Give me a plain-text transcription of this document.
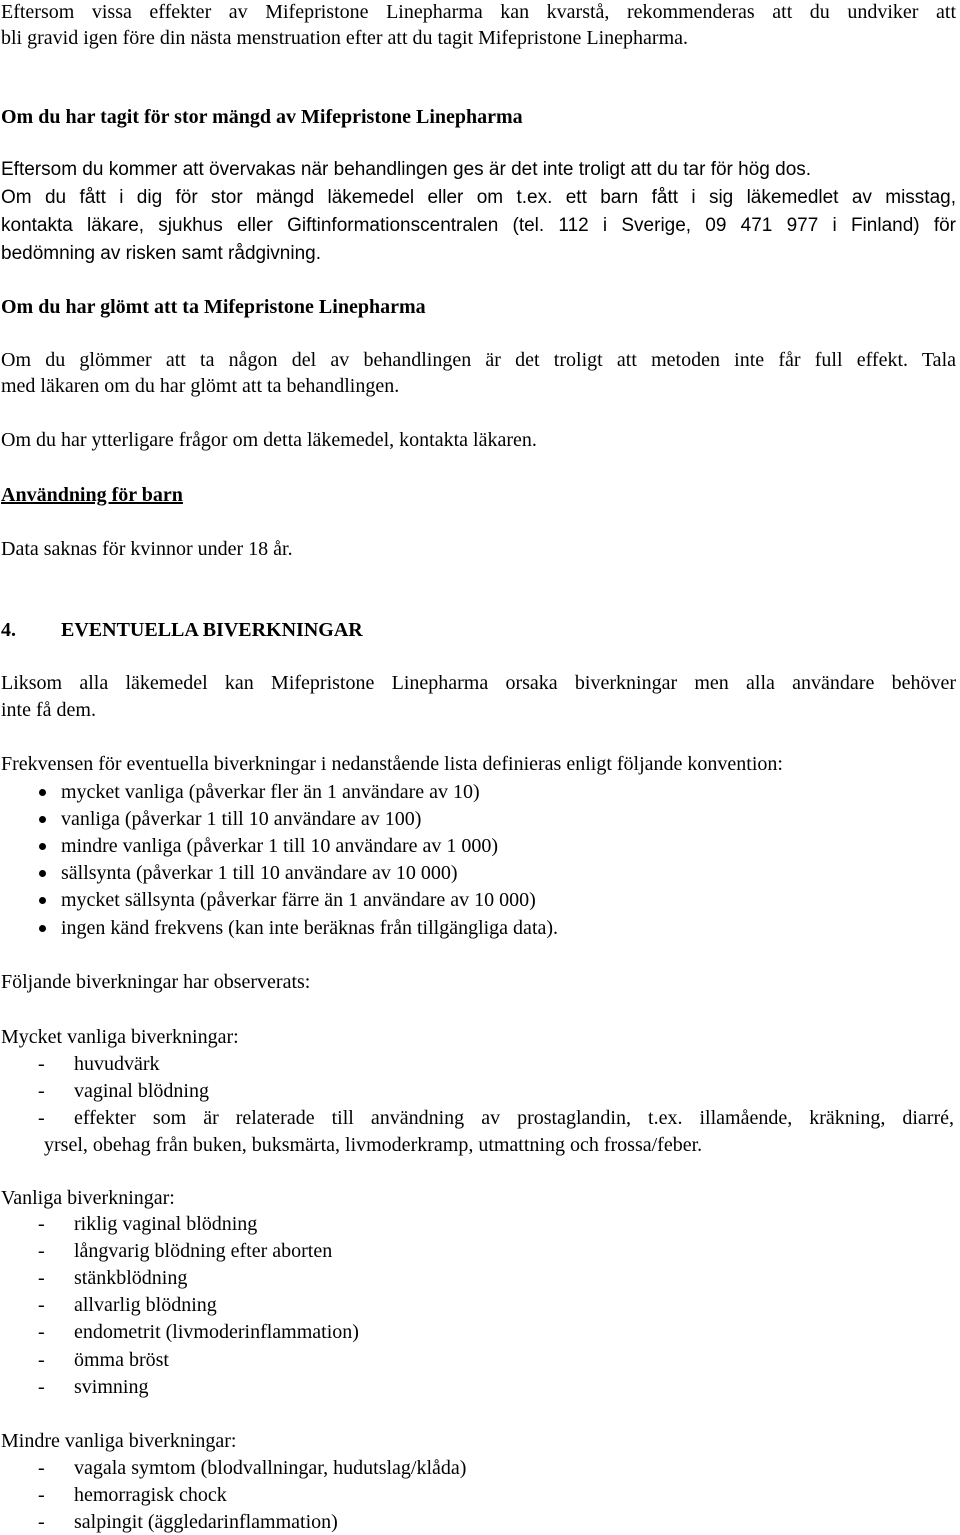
Eftersom vissa effekter av Mifepristone Linepharma kan kvarstå, rekommenderas att du undviker att
bli gravid igen före din nästa menstruation efter att du tagit Mifepristone Linepharma.
Om du har tagit för stor mängd av Mifepristone Linepharma
Eftersom du kommer att övervakas när behandlingen ges är det inte troligt att du tar för hög dos.
Om du fått i dig för stor mängd läkemedel eller om t.ex. ett barn fått i sig läkemedlet av misstag,
kontakta läkare, sjukhus eller Giftinformationscentralen (tel. 112 i Sverige, 09 471 977 i Finland) för
bedömning av risken samt rådgivning.
Om du har glömt att ta Mifepristone Linepharma
Om du glömmer att ta någon del av behandlingen är det troligt att metoden inte får full effekt. Tala
med läkaren om du har glömt att ta behandlingen.
Om du har ytterligare frågor om detta läkemedel, kontakta läkaren.
Användning för barn
Data saknas för kvinnor under 18 år.
4. EVENTUELLA BIVERKNINGAR
Liksom alla läkemedel kan Mifepristone Linepharma orsaka biverkningar men alla användare behöver
inte få dem.
Frekvensen för eventuella biverkningar i nedanstående lista definieras enligt följande konvention:
mycket vanliga (påverkar fler än 1 användare av 10)
vanliga (påverkar 1 till 10 användare av 100)
mindre vanliga (påverkar 1 till 10 användare av 1 000)
sällsynta (påverkar 1 till 10 användare av 10 000)
mycket sällsynta (påverkar färre än 1 användare av 10 000)
ingen känd frekvens (kan inte beräknas från tillgängliga data).
Följande biverkningar har observerats:
Mycket vanliga biverkningar:
- huvudvärk
- vaginal blödning
- effekter som är relaterade till användning av prostaglandin, t.ex. illamående, kräkning, diarré,
yrsel, obehag från buken, buksmärta, livmoderkramp, utmattning och frossa/feber.
Vanliga biverkningar:
- riklig vaginal blödning
- långvarig blödning efter aborten
- stänkblödning
- allvarlig blödning
- endometrit (livmoderinflammation)
- ömma bröst
- svimning
Mindre vanliga biverkningar:
- vagala symtom (blodvallningar, hudutslag/klåda)
- hemorragisk chock
- salpingit (äggledarinflammation)
